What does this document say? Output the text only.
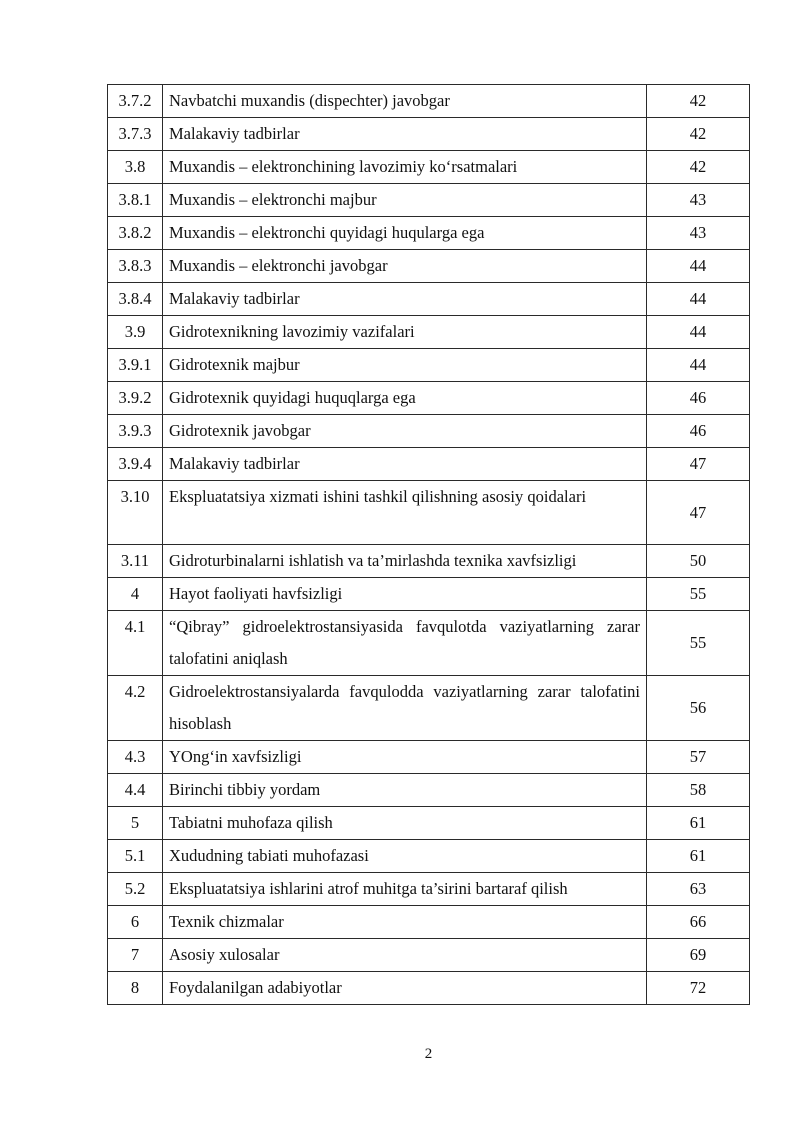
3.7.2	Navbatchi muxandis (dispechter) javobgar	42
3.7.3	Malakaviy tadbirlar	42
3.8	Muxandis – elektronchining lavozimiy ko‘rsatmalari	42
3.8.1	Muxandis – elektronchi majbur	43
3.8.2	Muxandis – elektronchi quyidagi huqularga ega	43
3.8.3	Muxandis – elektronchi javobgar	44
3.8.4	Malakaviy tadbirlar	44
3.9	Gidrotexnikning lavozimiy vazifalari	44
3.9.1	Gidrotexnik majbur	44
3.9.2	Gidrotexnik quyidagi huquqlarga ega	46
3.9.3	Gidrotexnik javobgar	46
3.9.4	Malakaviy tadbirlar	47
3.10	Ekspluatatsiya xizmati ishini tashkil qilishning asosiy qoidalari	47
3.11	Gidroturbinalarni ishlatish va ta’mirlashda texnika xavfsizligi	50
4	Hayot faoliyati havfsizligi	55
4.1	“Qibray” gidroelektrostansiyasida favqulotda vaziyatlarning zarar talofatini aniqlash	55
4.2	Gidroelektrostansiyalarda favqulodda vaziyatlarning zarar talofatini hisoblash	56
4.3	YOng‘in xavfsizligi	57
4.4	Birinchi tibbiy yordam	58
5	Tabiatni muhofaza qilish	61
5.1	Xududning tabiati muhofazasi	61
5.2	Ekspluatatsiya ishlarini atrof muhitga ta’sirini bartaraf qilish	63
6	Texnik chizmalar	66
7	Asosiy xulosalar	69
8	Foydalanilgan adabiyotlar	72
2
